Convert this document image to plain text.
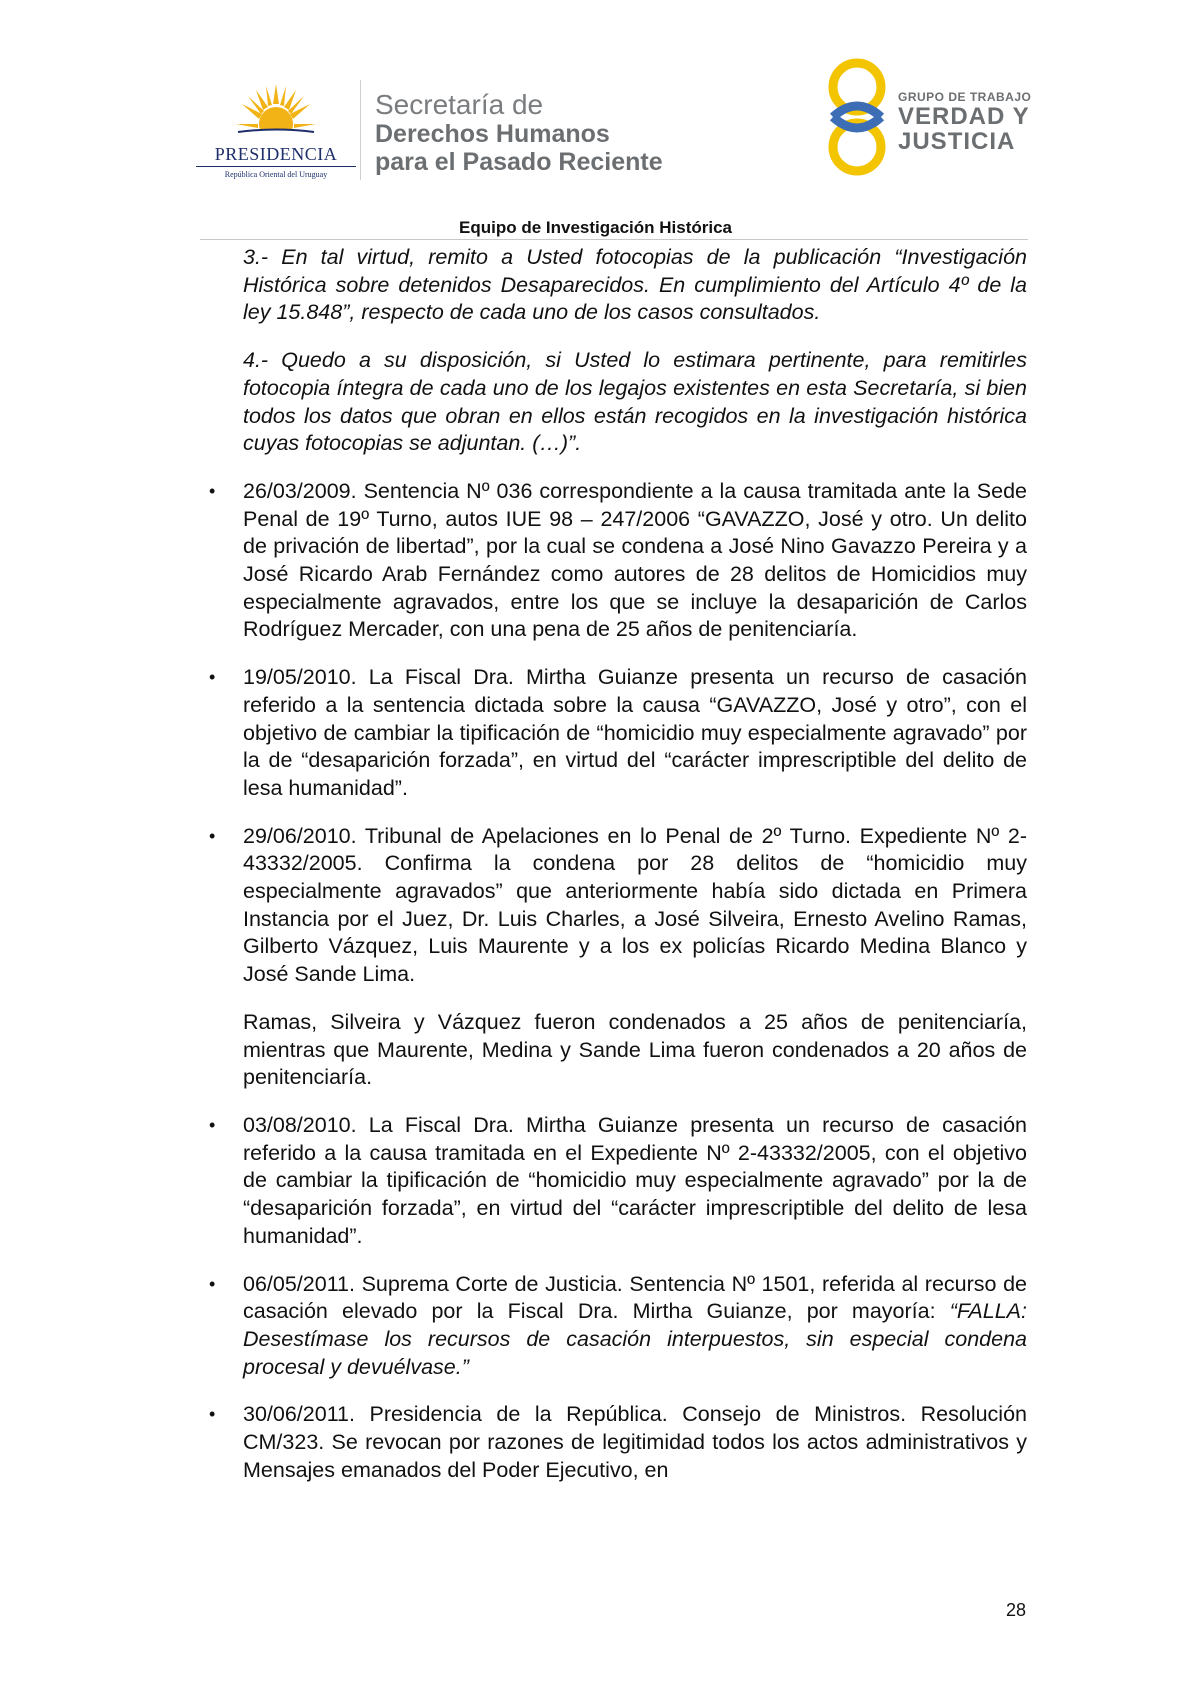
PRESIDENCIA
República Oriental del Uruguay
Secretaría de
Derechos Humanos
para el Pasado Reciente
GRUPO DE TRABAJO
VERDAD Y
JUSTICIA
Equipo de Investigación Histórica

3.- En tal virtud, remito a Usted fotocopias de la publicación “Investigación Histórica sobre detenidos Desaparecidos. En cumplimiento del Artículo 4º de la ley 15.848”, respecto de cada uno de los casos consultados.

4.- Quedo a su disposición, si Usted lo estimara pertinente, para remitirles fotocopia íntegra de cada uno de los legajos existentes en esta Secretaría, si bien todos los datos que obran en ellos están recogidos en la investigación histórica cuyas fotocopias se adjuntan. (…)”.

• 26/03/2009. Sentencia Nº 036 correspondiente a la causa tramitada ante la Sede Penal de 19º Turno, autos IUE 98 – 247/2006 “GAVAZZO, José y otro. Un delito de privación de libertad”, por la cual se condena a José Nino Gavazzo Pereira y a José Ricardo Arab Fernández como autores de 28 delitos de Homicidios muy especialmente agravados, entre los que se incluye la desaparición de Carlos Rodríguez Mercader, con una pena de 25 años de penitenciaría.
• 19/05/2010. La Fiscal Dra. Mirtha Guianze presenta un recurso de casación referido a la sentencia dictada sobre la causa “GAVAZZO, José y otro”, con el objetivo de cambiar la tipificación de “homicidio muy especialmente agravado” por la de “desaparición forzada”, en virtud del “carácter imprescriptible del delito de lesa humanidad”.
• 29/06/2010. Tribunal de Apelaciones en lo Penal de 2º Turno. Expediente Nº 2-43332/2005. Confirma la condena por 28 delitos de “homicidio muy especialmente agravados” que anteriormente había sido dictada en Primera Instancia por el Juez, Dr. Luis Charles, a José Silveira, Ernesto Avelino Ramas, Gilberto Vázquez, Luis Maurente y a los ex policías Ricardo Medina Blanco y José Sande Lima.

Ramas, Silveira y Vázquez fueron condenados a 25 años de penitenciaría, mientras que Maurente, Medina y Sande Lima fueron condenados a 20 años de penitenciaría.

• 03/08/2010. La Fiscal Dra. Mirtha Guianze presenta un recurso de casación referido a la causa tramitada en el Expediente Nº 2-43332/2005, con el objetivo de cambiar la tipificación de “homicidio muy especialmente agravado” por la de “desaparición forzada”, en virtud del “carácter imprescriptible del delito de lesa humanidad”.
• 06/05/2011. Suprema Corte de Justicia. Sentencia Nº 1501, referida al recurso de casación elevado por la Fiscal Dra. Mirtha Guianze, por mayoría: “FALLA: Desestímase los recursos de casación interpuestos, sin especial condena procesal y devuélvase.”
• 30/06/2011. Presidencia de la República. Consejo de Ministros. Resolución CM/323. Se revocan por razones de legitimidad todos los actos administrativos y Mensajes emanados del Poder Ejecutivo, en
28
